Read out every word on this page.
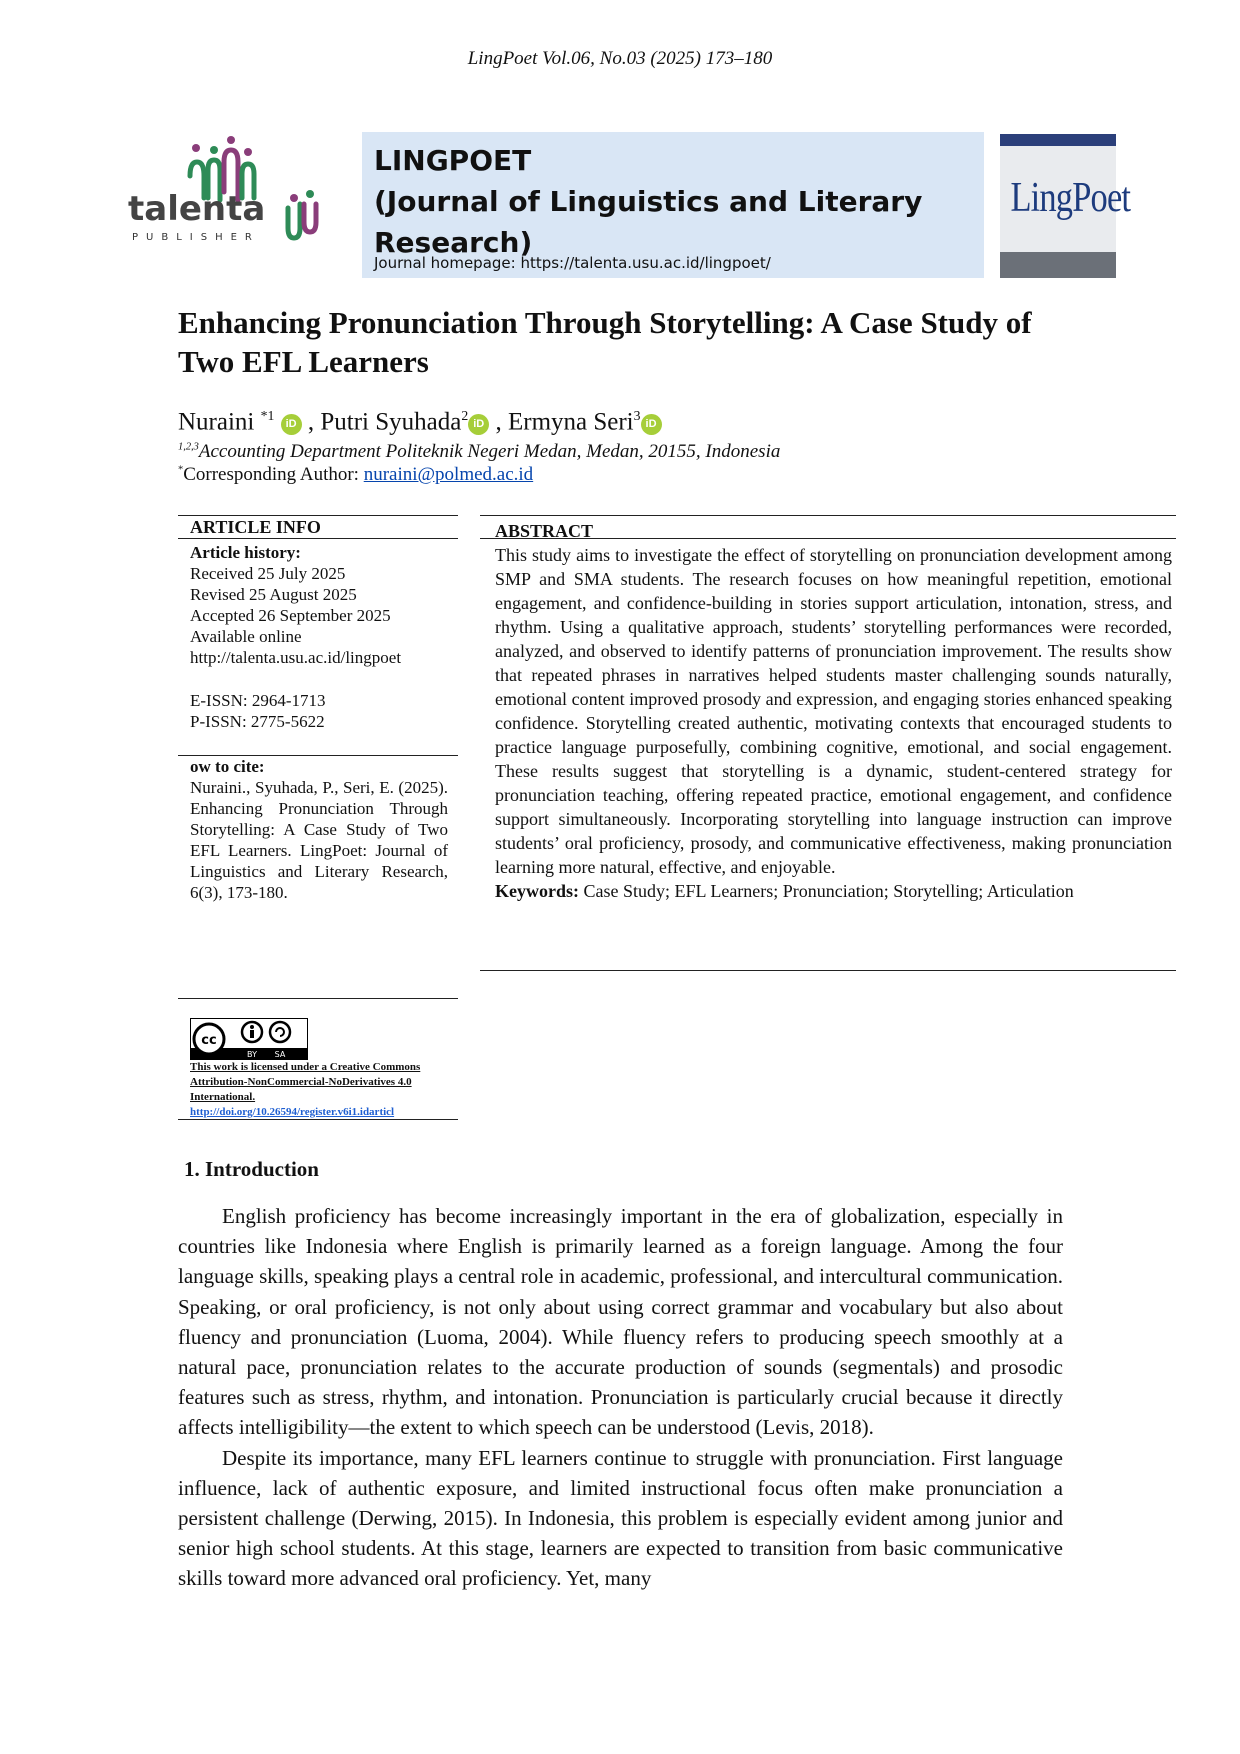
LingPoet Vol.06, No.03 (2025) 173–180
talenta
PUBLISHER
LINGPOET
(Journal of Linguistics and Literary
Research)
Journal homepage: https://talenta.usu.ac.id/lingpoet/
LingPoet
Enhancing Pronunciation Through Storytelling: A Case Study of Two EFL Learners
Nuraini $^{*1}$ iD , Putri Syuhada$^2$iD , Ermyna Seri$^3$iD
$^{1,2,3}$Accounting Department Politeknik Negeri Medan, Medan, 20155, Indonesia
*Corresponding Author: nuraini@polmed.ac.id
ARTICLE INFO
Article history:
Received 25 July 2025
Revised 25 August 2025
Accepted 26 September 2025
Available online
http://talenta.usu.ac.id/lingpoet
E-ISSN: 2964-1713
P-ISSN: 2775-5622
ow to cite:
Nuraini., Syuhada, P., Seri, E. (2025). Enhancing Pronunciation Through Storytelling: A Case Study of Two EFL Learners. LingPoet: Journal of Linguistics and Literary Research, 6(3), 173-180.
ABSTRACT

This study aims to investigate the effect of storytelling on pronunciation development among SMP and SMA students. The research focuses on how meaningful repetition, emotional engagement, and confidence-building in stories support articulation, intonation, stress, and rhythm. Using a qualitative approach, students’ storytelling performances were recorded, analyzed, and observed to identify patterns of pronunciation improvement. The results show that repeated phrases in narratives helped students master challenging sounds naturally, emotional content improved prosody and expression, and engaging stories enhanced speaking confidence. Storytelling created authentic, motivating contexts that encouraged students to practice language purposefully, combining cognitive, emotional, and social engagement. These results suggest that storytelling is a dynamic, student-centered strategy for pronunciation teaching, offering repeated practice, emotional engagement, and confidence support simultaneously. Incorporating storytelling into language instruction can improve students’ oral proficiency, prosody, and communicative effectiveness, making pronunciation learning more natural, effective, and enjoyable.

Keywords: Case Study; EFL Learners; Pronunciation; Storytelling; Articulation
cc
BY SA
This work is licensed under a Creative Commons Attribution-NonCommercial-NoDerivatives 4.0 International.
http://doi.org/10.26594/register.v6i1.idarticl
1. Introduction

English proficiency has become increasingly important in the era of globalization, especially in countries like Indonesia where English is primarily learned as a foreign language. Among the four language skills, speaking plays a central role in academic, professional, and intercultural communication. Speaking, or oral proficiency, is not only about using correct grammar and vocabulary but also about fluency and pronunciation (Luoma, 2004). While fluency refers to producing speech smoothly at a natural pace, pronunciation relates to the accurate production of sounds (segmentals) and prosodic features such as stress, rhythm, and intonation. Pronunciation is particularly crucial because it directly affects intelligibility—the extent to which speech can be understood (Levis, 2018).

Despite its importance, many EFL learners continue to struggle with pronunciation. First language influence, lack of authentic exposure, and limited instructional focus often make pronunciation a persistent challenge (Derwing, 2015). In Indonesia, this problem is especially evident among junior and senior high school students. At this stage, learners are expected to transition from basic communicative skills toward more advanced oral proficiency. Yet, many
